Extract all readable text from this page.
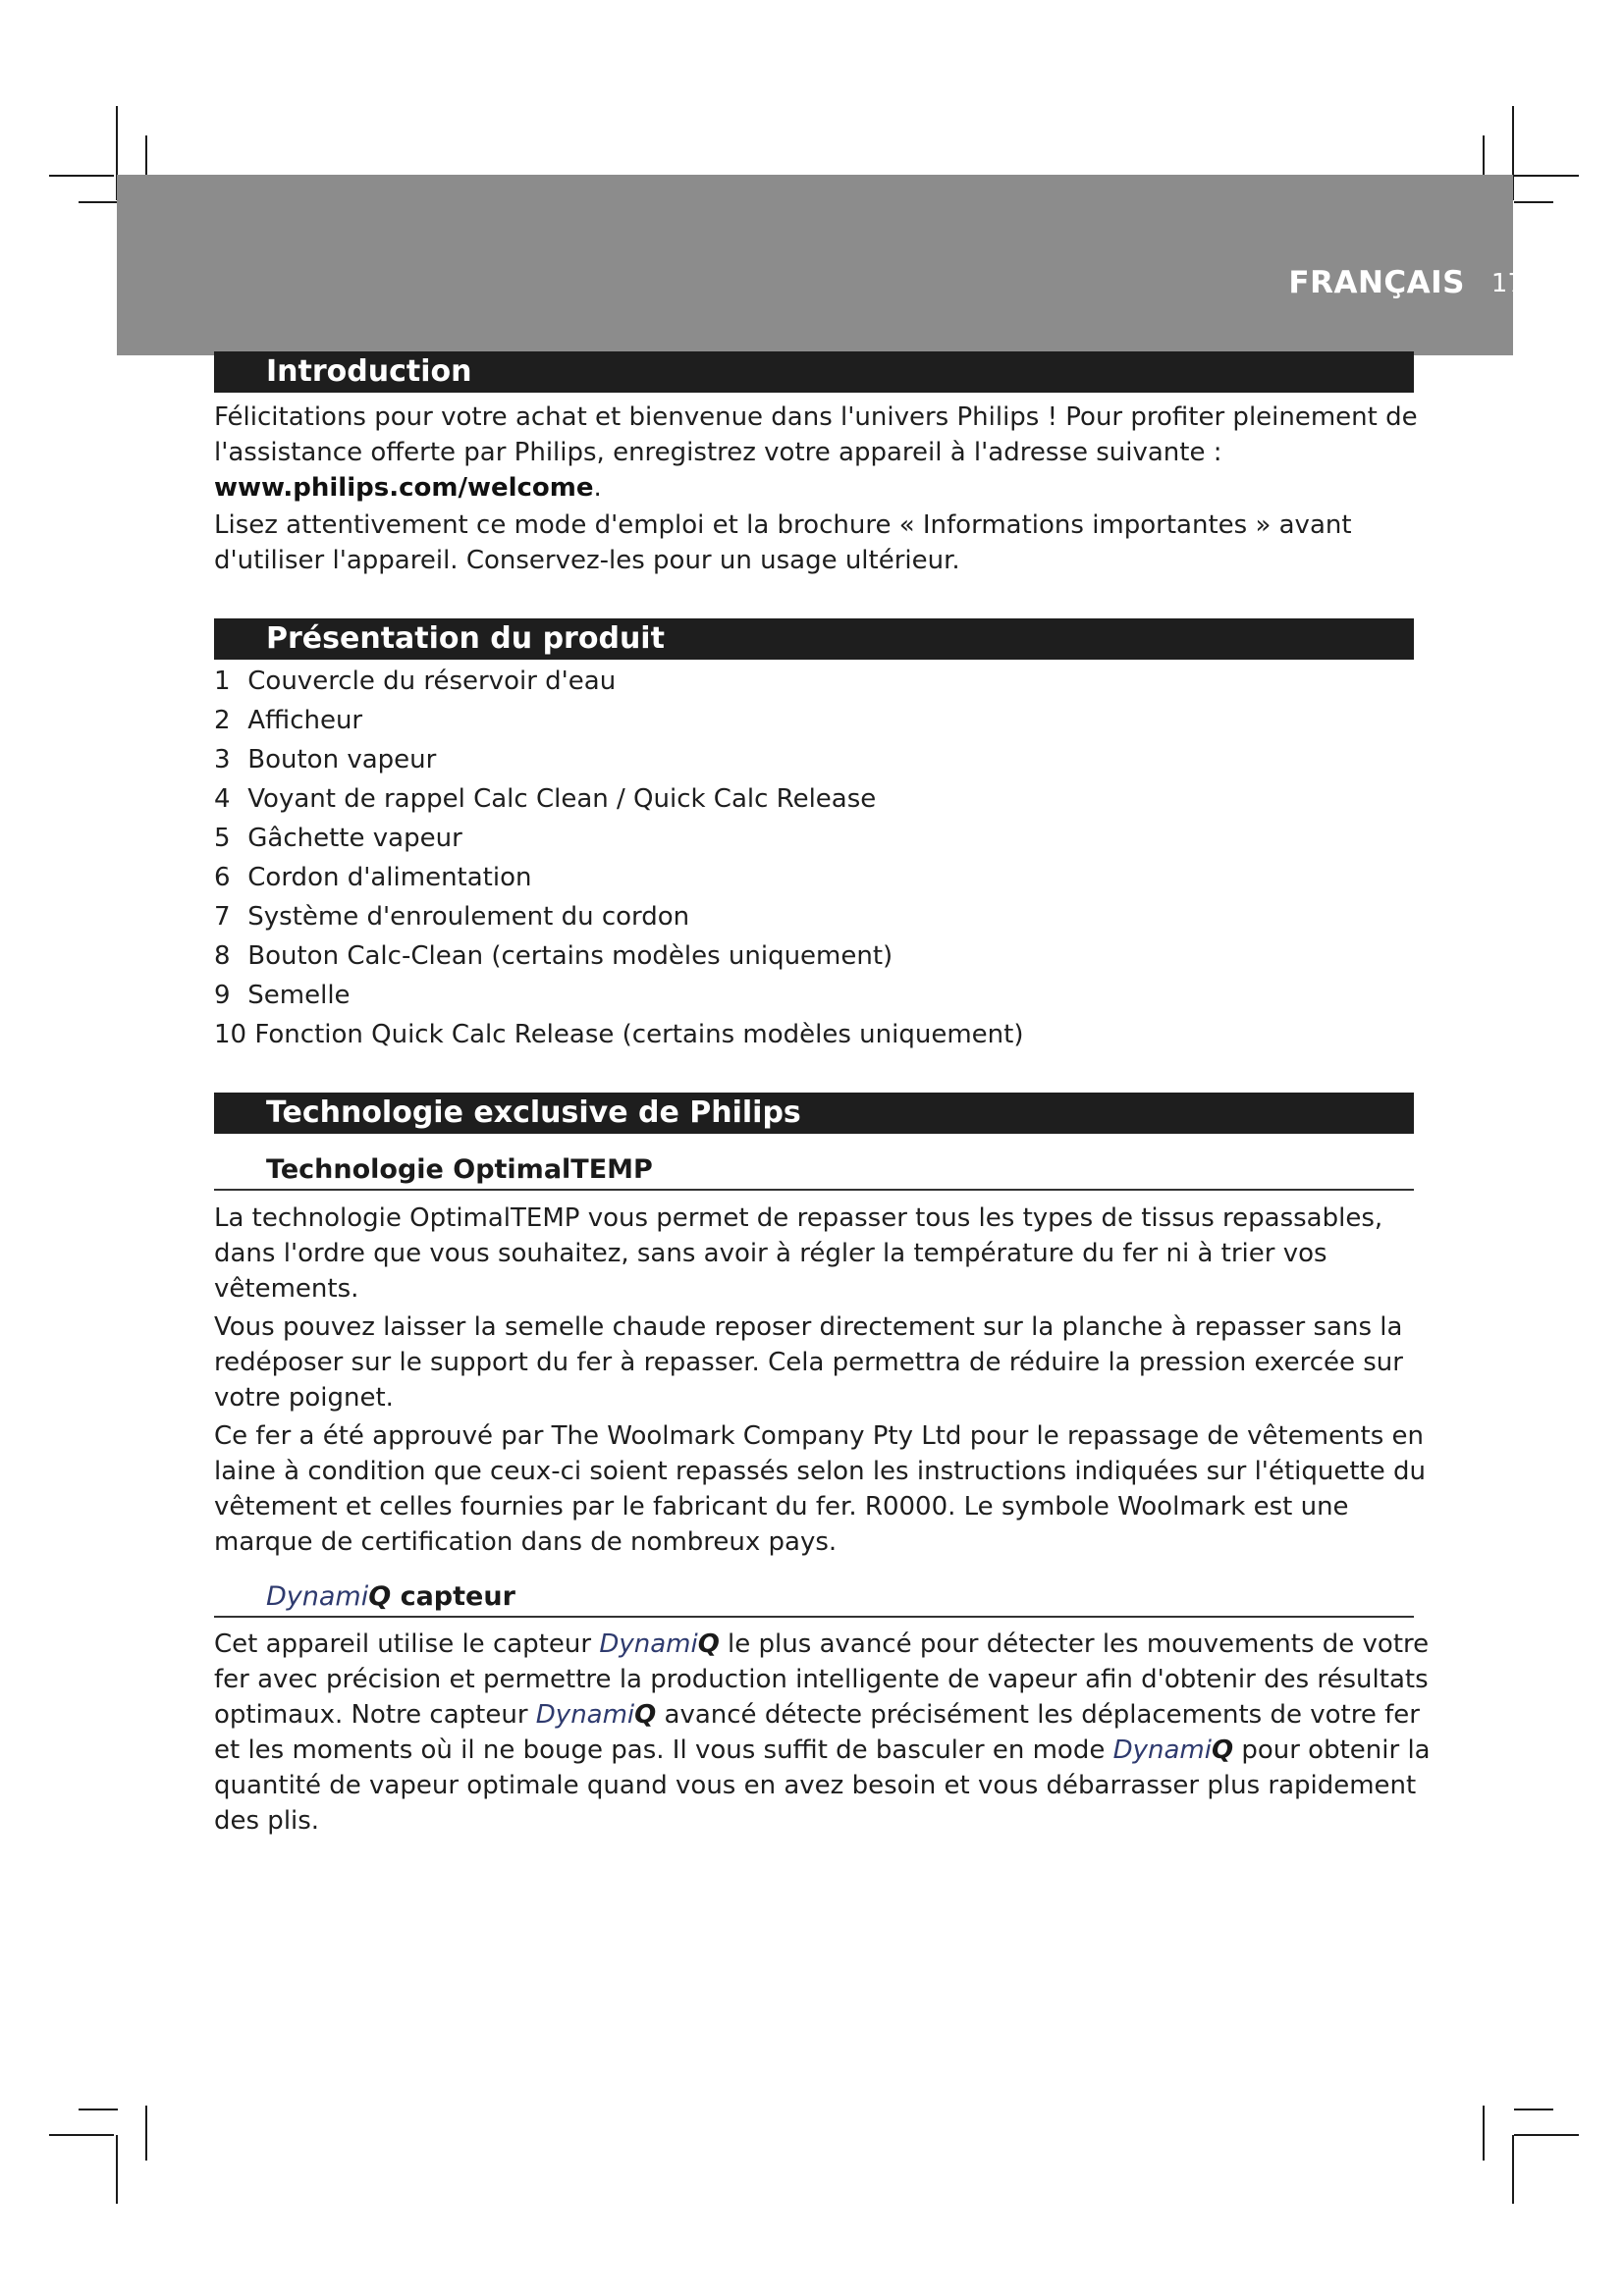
FRANÇAIS 17
Introduction

Félicitations pour votre achat et bienvenue dans l'univers Philips ! Pour profiter pleinement de l'assistance offerte par Philips, enregistrez votre appareil à l'adresse suivante : www.philips.com/welcome.

Lisez attentivement ce mode d'emploi et la brochure « Informations importantes » avant d'utiliser l'appareil. Conservez-les pour un usage ultérieur.

Présentation du produit
1 Couvercle du réservoir d'eau
2 Afficheur
3 Bouton vapeur
4 Voyant de rappel Calc Clean / Quick Calc Release
5 Gâchette vapeur
6 Cordon d'alimentation
7 Système d'enroulement du cordon
8 Bouton Calc-Clean (certains modèles uniquement)
9 Semelle
10 Fonction Quick Calc Release (certains modèles uniquement)
Technologie exclusive de Philips
Technologie OptimalTEMP

La technologie OptimalTEMP vous permet de repasser tous les types de tissus repassables, dans l'ordre que vous souhaitez, sans avoir à régler la température du fer ni à trier vos vêtements.

Vous pouvez laisser la semelle chaude reposer directement sur la planche à repasser sans la redéposer sur le support du fer à repasser. Cela permettra de réduire la pression exercée sur votre poignet.

Ce fer a été approuvé par The Woolmark Company Pty Ltd pour le repassage de vêtements en laine à condition que ceux-ci soient repassés selon les instructions indiquées sur l'étiquette du vêtement et celles fournies par le fabricant du fer. R0000. Le symbole Woolmark est une marque de certification dans de nombreux pays.

DynamiQ capteur

Cet appareil utilise le capteur DynamiQ le plus avancé pour détecter les mouvements de votre fer avec précision et permettre la production intelligente de vapeur afin d'obtenir des résultats optimaux. Notre capteur DynamiQ avancé détecte précisément les déplacements de votre fer et les moments où il ne bouge pas. Il vous suffit de basculer en mode DynamiQ pour obtenir la quantité de vapeur optimale quand vous en avez besoin et vous débarrasser plus rapidement des plis.
